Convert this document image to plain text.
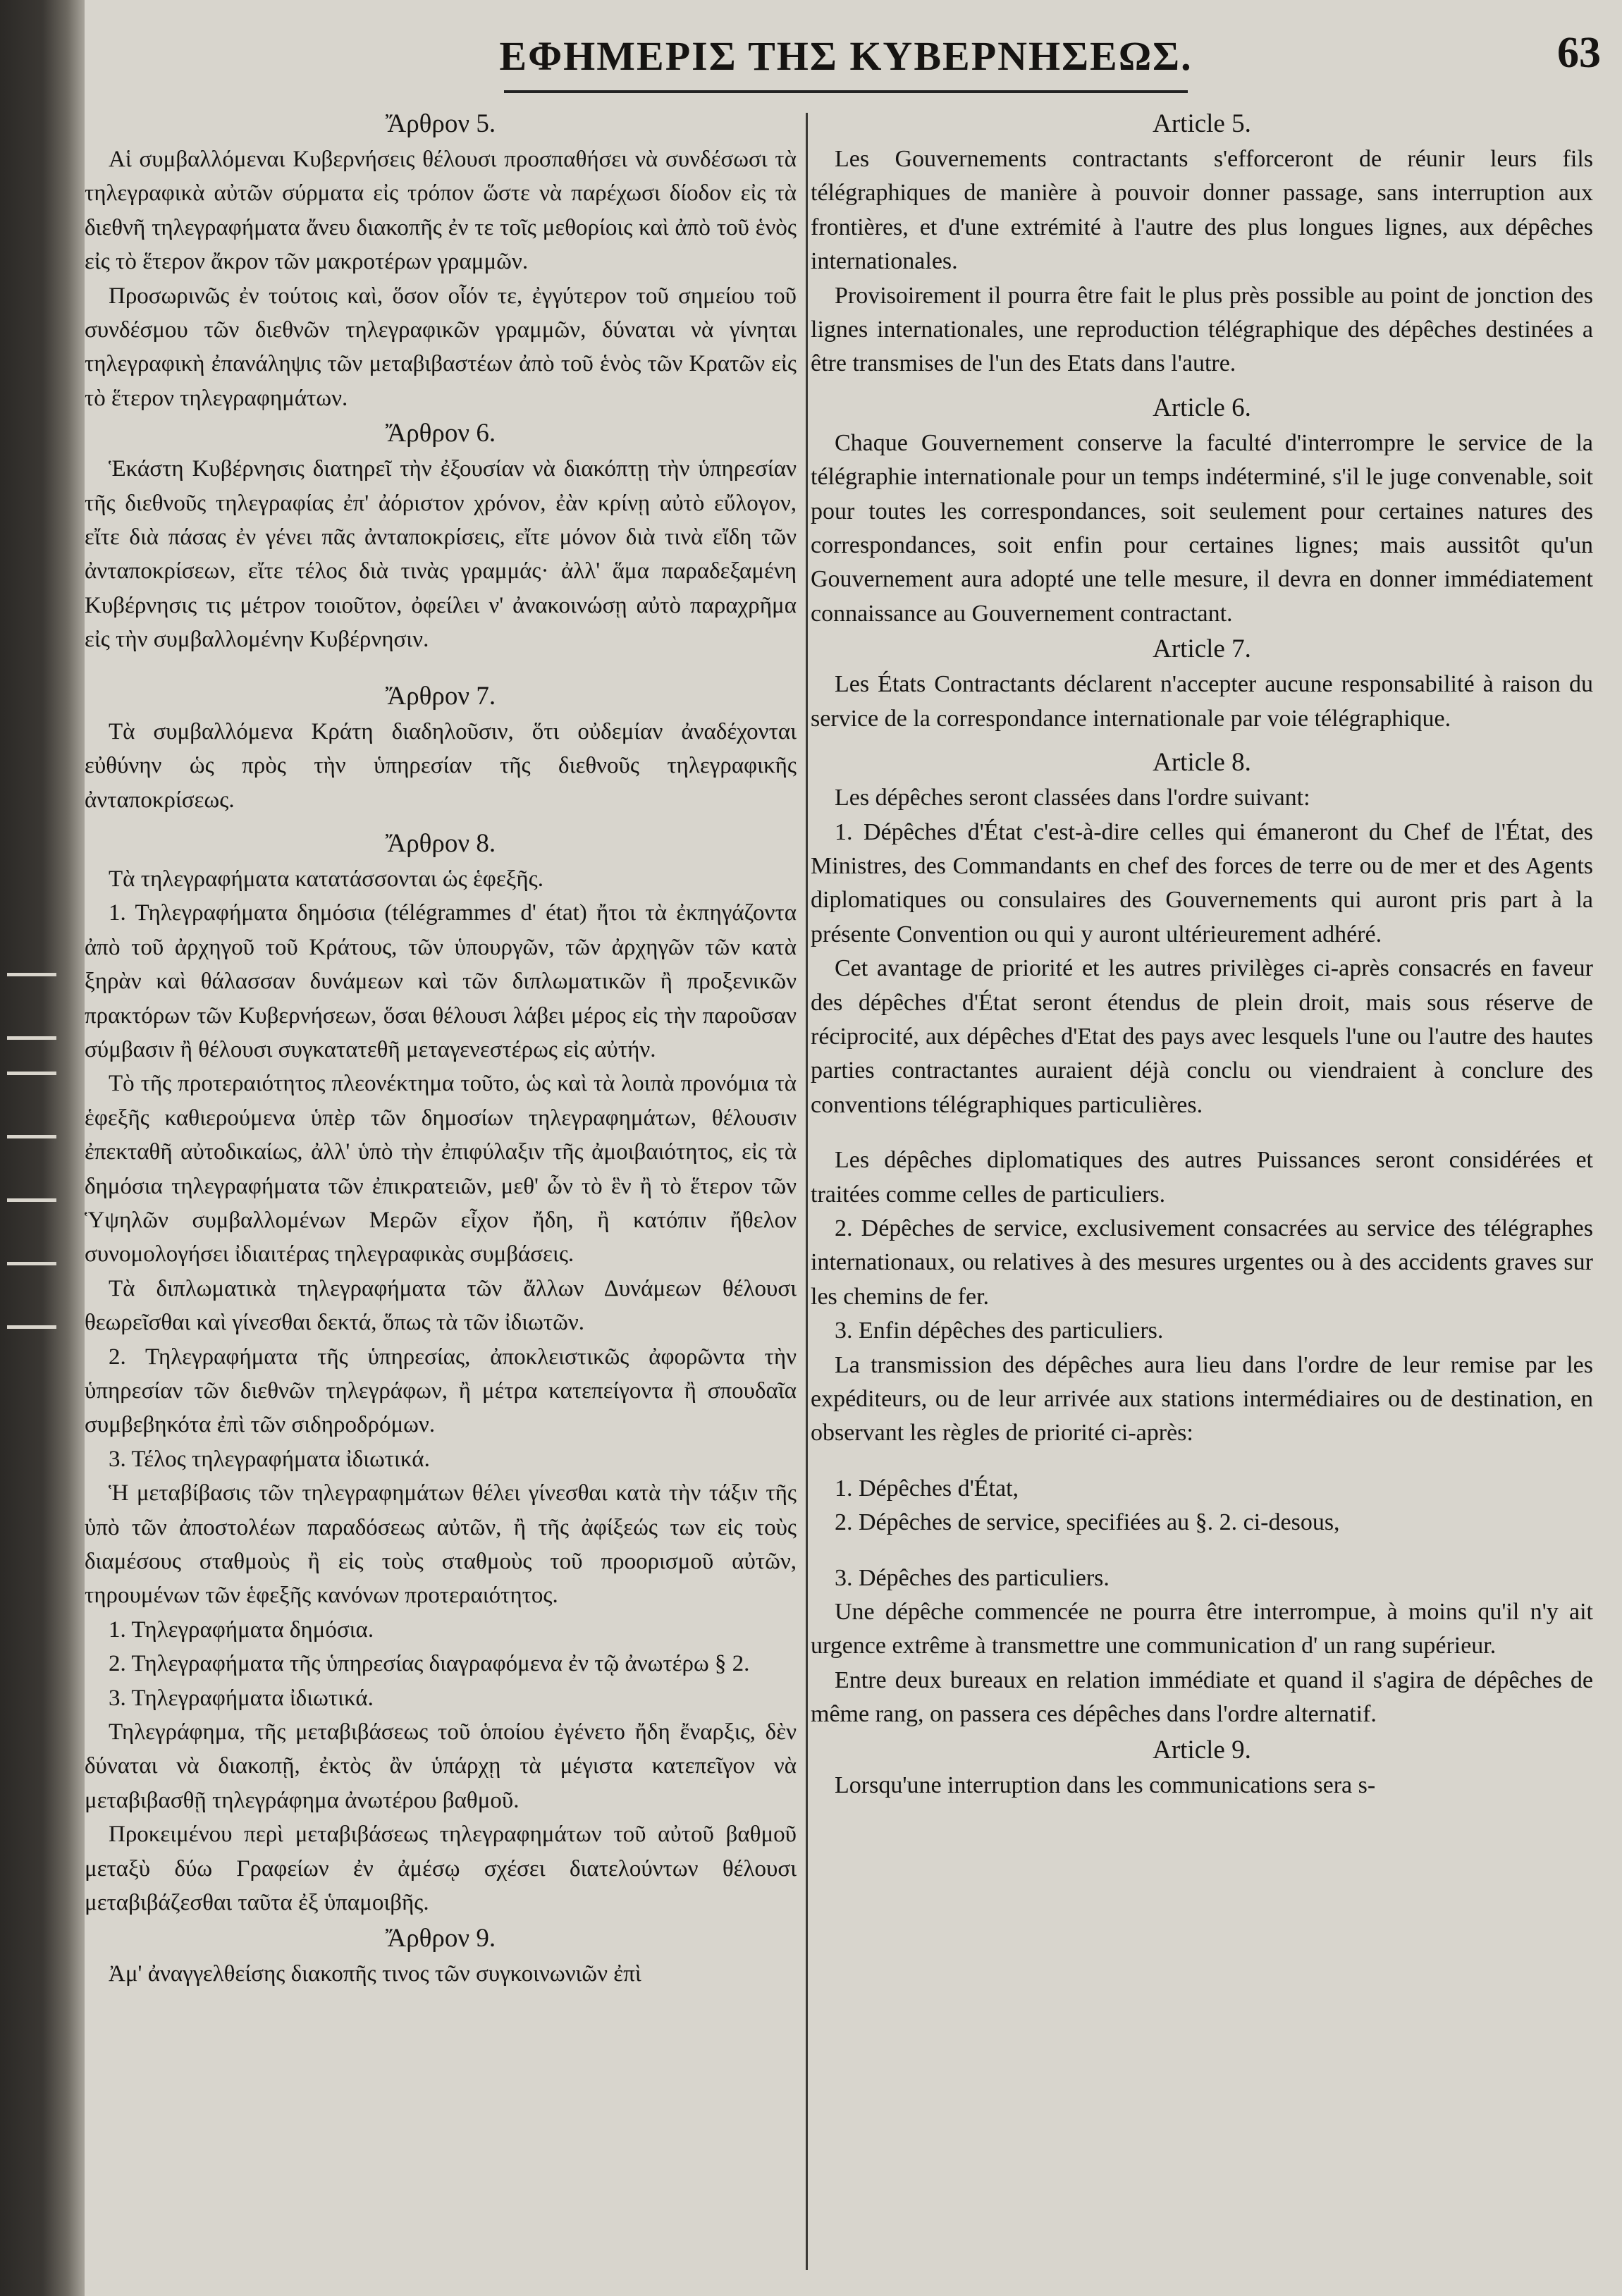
ΕΦΗΜΕΡΙΣ ΤΗΣ ΚΥΒΕΡΝΗΣΕΩΣ.	63
Ἄρθρον 5.

Αἱ συμβαλλόμεναι Κυβερνήσεις θέλουσι προσπαθήσει νὰ συνδέσωσι τὰ τηλεγραφικὰ αὐτῶν σύρματα εἰς τρόπον ὥστε νὰ παρέχωσι δίοδον εἰς τὰ διεθνῆ τηλεγραφήματα ἄνευ διακοπῆς ἐν τε τοῖς μεθορίοις καὶ ἀπὸ τοῦ ἑνὸς εἰς τὸ ἕτερον ἄκρον τῶν μακροτέρων γραμμῶν.

Προσωρινῶς ἐν τούτοις καὶ, ὅσον οἷόν τε, ἐγγύτερον τοῦ σημείου τοῦ συνδέσμου τῶν διεθνῶν τηλεγραφικῶν γραμμῶν, δύναται νὰ γίνηται τηλεγραφικὴ ἐπανάληψις τῶν μεταβιβαστέων ἀπὸ τοῦ ἑνὸς τῶν Κρατῶν εἰς τὸ ἕτερον τηλεγραφημάτων.

Ἄρθρον 6.

Ἑκάστη Κυβέρνησις διατηρεῖ τὴν ἐξουσίαν νὰ διακόπτῃ τὴν ὑπηρεσίαν τῆς διεθνοῦς τηλεγραφίας ἐπ' ἀόριστον χρόνον, ἐὰν κρίνῃ αὐτὸ εὔλογον, εἴτε διὰ πάσας ἐν γένει πᾶς ἀνταποκρίσεις, εἴτε μόνον διὰ τινὰ εἴδη τῶν ἀνταποκρίσεων, εἴτε τέλος διὰ τινὰς γραμμάς· ἀλλ' ἅμα παραδεξαμένη Κυβέρνησις τις μέτρον τοιοῦτον, ὀφείλει ν' ἀνακοινώσῃ αὐτὸ παραχρῆμα εἰς τὴν συμβαλλομένην Κυβέρνησιν.

Ἄρθρον 7.

Τὰ συμβαλλόμενα Κράτη διαδηλοῦσιν, ὅτι οὐδεμίαν ἀναδέχονται εὐθύνην ὡς πρὸς τὴν ὑπηρεσίαν τῆς διεθνοῦς τηλεγραφικῆς ἀνταποκρίσεως.

Ἄρθρον 8.

Τὰ τηλεγραφήματα κατατάσσονται ὡς ἑφεξῆς.

1. Τηλεγραφήματα δημόσια (télégrammes d' état) ἤτοι τὰ ἐκπηγάζοντα ἀπὸ τοῦ ἀρχηγοῦ τοῦ Κράτους, τῶν ὑπουργῶν, τῶν ἀρχηγῶν τῶν κατὰ ξηρὰν καὶ θάλασσαν δυνάμεων καὶ τῶν διπλωματικῶν ἢ προξενικῶν πρακτόρων τῶν Κυβερνήσεων, ὅσαι θέλουσι λάβει μέρος εἰς τὴν παροῦσαν σύμβασιν ἢ θέλουσι συγκατατεθῆ μεταγενεστέρως εἰς αὐτήν.

Τὸ τῆς προτεραιότητος πλεονέκτημα τοῦτο, ὡς καὶ τὰ λοιπὰ προνόμια τὰ ἑφεξῆς καθιερούμενα ὑπὲρ τῶν δημοσίων τηλεγραφημάτων, θέλουσιν ἐπεκταθῆ αὐτοδικαίως, ἀλλ' ὑπὸ τὴν ἐπιφύλαξιν τῆς ἀμοιβαιότητος, εἰς τὰ δημόσια τηλεγραφήματα τῶν ἐπικρατειῶν, μεθ' ὧν τὸ ἓν ἢ τὸ ἕτερον τῶν Ὑψηλῶν συμβαλλομένων Μερῶν εἶχον ἤδη, ἢ κατόπιν ἤθελον συνομολογήσει ἰδιαιτέρας τηλεγραφικὰς συμβάσεις.

Τὰ διπλωματικὰ τηλεγραφήματα τῶν ἄλλων Δυνάμεων θέλουσι θεωρεῖσθαι καὶ γίνεσθαι δεκτά, ὅπως τὰ τῶν ἰδιωτῶν.

2. Τηλεγραφήματα τῆς ὑπηρεσίας, ἀποκλειστικῶς ἀφορῶντα τὴν ὑπηρεσίαν τῶν διεθνῶν τηλεγράφων, ἢ μέτρα κατεπείγοντα ἢ σπουδαῖα συμβεβηκότα ἐπὶ τῶν σιδηροδρόμων.

3. Τέλος τηλεγραφήματα ἰδιωτικά.

Ἡ μεταβίβασις τῶν τηλεγραφημάτων θέλει γίνεσθαι κατὰ τὴν τάξιν τῆς ὑπὸ τῶν ἀποστολέων παραδόσεως αὐτῶν, ἢ τῆς ἀφίξεώς των εἰς τοὺς διαμέσους σταθμοὺς ἢ εἰς τοὺς σταθμοὺς τοῦ προορισμοῦ αὐτῶν, τηρουμένων τῶν ἑφεξῆς κανόνων προτεραιότητος.

1. Τηλεγραφήματα δημόσια.

2. Τηλεγραφήματα τῆς ὑπηρεσίας διαγραφόμενα ἐν τῷ ἀνωτέρω § 2.

3. Τηλεγραφήματα ἰδιωτικά.

Τηλεγράφημα, τῆς μεταβιβάσεως τοῦ ὁποίου ἐγένετο ἤδη ἔναρξις, δὲν δύναται νὰ διακοπῇ, ἐκτὸς ἂν ὑπάρχῃ τὰ μέγιστα κατεπεῖγον νὰ μεταβιβασθῇ τηλεγράφημα ἀνωτέρου βαθμοῦ.

Προκειμένου περὶ μεταβιβάσεως τηλεγραφημάτων τοῦ αὐτοῦ βαθμοῦ μεταξὺ δύω Γραφείων ἐν ἀμέσῳ σχέσει διατελούντων θέλουσι μεταβιβάζεσθαι ταῦτα ἐξ ὑπαμοιβῆς.

Ἄρθρον 9.

Ἀμ' ἀναγγελθείσης διακοπῆς τινος τῶν συγκοινωνιῶν ἐπὶ

Article 5.

Les Gouvernements contractants s'efforceront de réunir leurs fils télégraphiques de manière à pouvoir donner passage, sans interruption aux frontières, et d'une extrémité à l'autre des plus longues lignes, aux dépêches internationales.

Provisoirement il pourra être fait le plus près possible au point de jonction des lignes internationales, une reproduction télégraphique des dépêches destinées a être transmises de l'un des Etats dans l'autre.

Article 6.

Chaque Gouvernement conserve la faculté d'interrompre le service de la télégraphie internationale pour un temps indéterminé, s'il le juge convenable, soit pour toutes les correspondances, soit seulement pour certaines natures des correspondances, soit enfin pour certaines lignes; mais aussitôt qu'un Gouvernement aura adopté une telle mesure, il devra en donner immédiatement connaissance au Gouvernement contractant.

Article 7.

Les États Contractants déclarent n'accepter aucune responsabilité à raison du service de la correspondance internationale par voie télégraphique.

Article 8.

Les dépêches seront classées dans l'ordre suivant:

1. Dépêches d'État c'est-à-dire celles qui émaneront du Chef de l'État, des Ministres, des Commandants en chef des forces de terre ou de mer et des Agents diplomatiques ou consulaires des Gouvernements qui auront pris part à la présente Convention ou qui y auront ultérieurement adhéré.

Cet avantage de priorité et les autres privilèges ci-après consacrés en faveur des dépêches d'État seront étendus de plein droit, mais sous réserve de réciprocité, aux dépêches d'Etat des pays avec lesquels l'une ou l'autre des hautes parties contractantes auraient déjà conclu ou viendraient à conclure des conventions télégraphiques particulières.

Les dépêches diplomatiques des autres Puissances seront considérées et traitées comme celles de particuliers.

2. Dépêches de service, exclusivement consacrées au service des télégraphes internationaux, ou relatives à des mesures urgentes ou à des accidents graves sur les chemins de fer.

3. Enfin dépêches des particuliers.

La transmission des dépêches aura lieu dans l'ordre de leur remise par les expéditeurs, ou de leur arrivée aux stations intermédiaires ou de destination, en observant les règles de priorité ci-après:

1. Dépêches d'État,

2. Dépêches de service, specifiées au §. 2. ci-desous,

3. Dépêches des particuliers.

Une dépêche commencée ne pourra être interrompue, à moins qu'il n'y ait urgence extrême à transmettre une communication d' un rang supérieur.

Entre deux bureaux en relation immédiate et quand il s'agira de dépêches de même rang, on passera ces dépêches dans l'ordre alternatif.

Article 9.

Lorsqu'une interruption dans les communications sera s-
